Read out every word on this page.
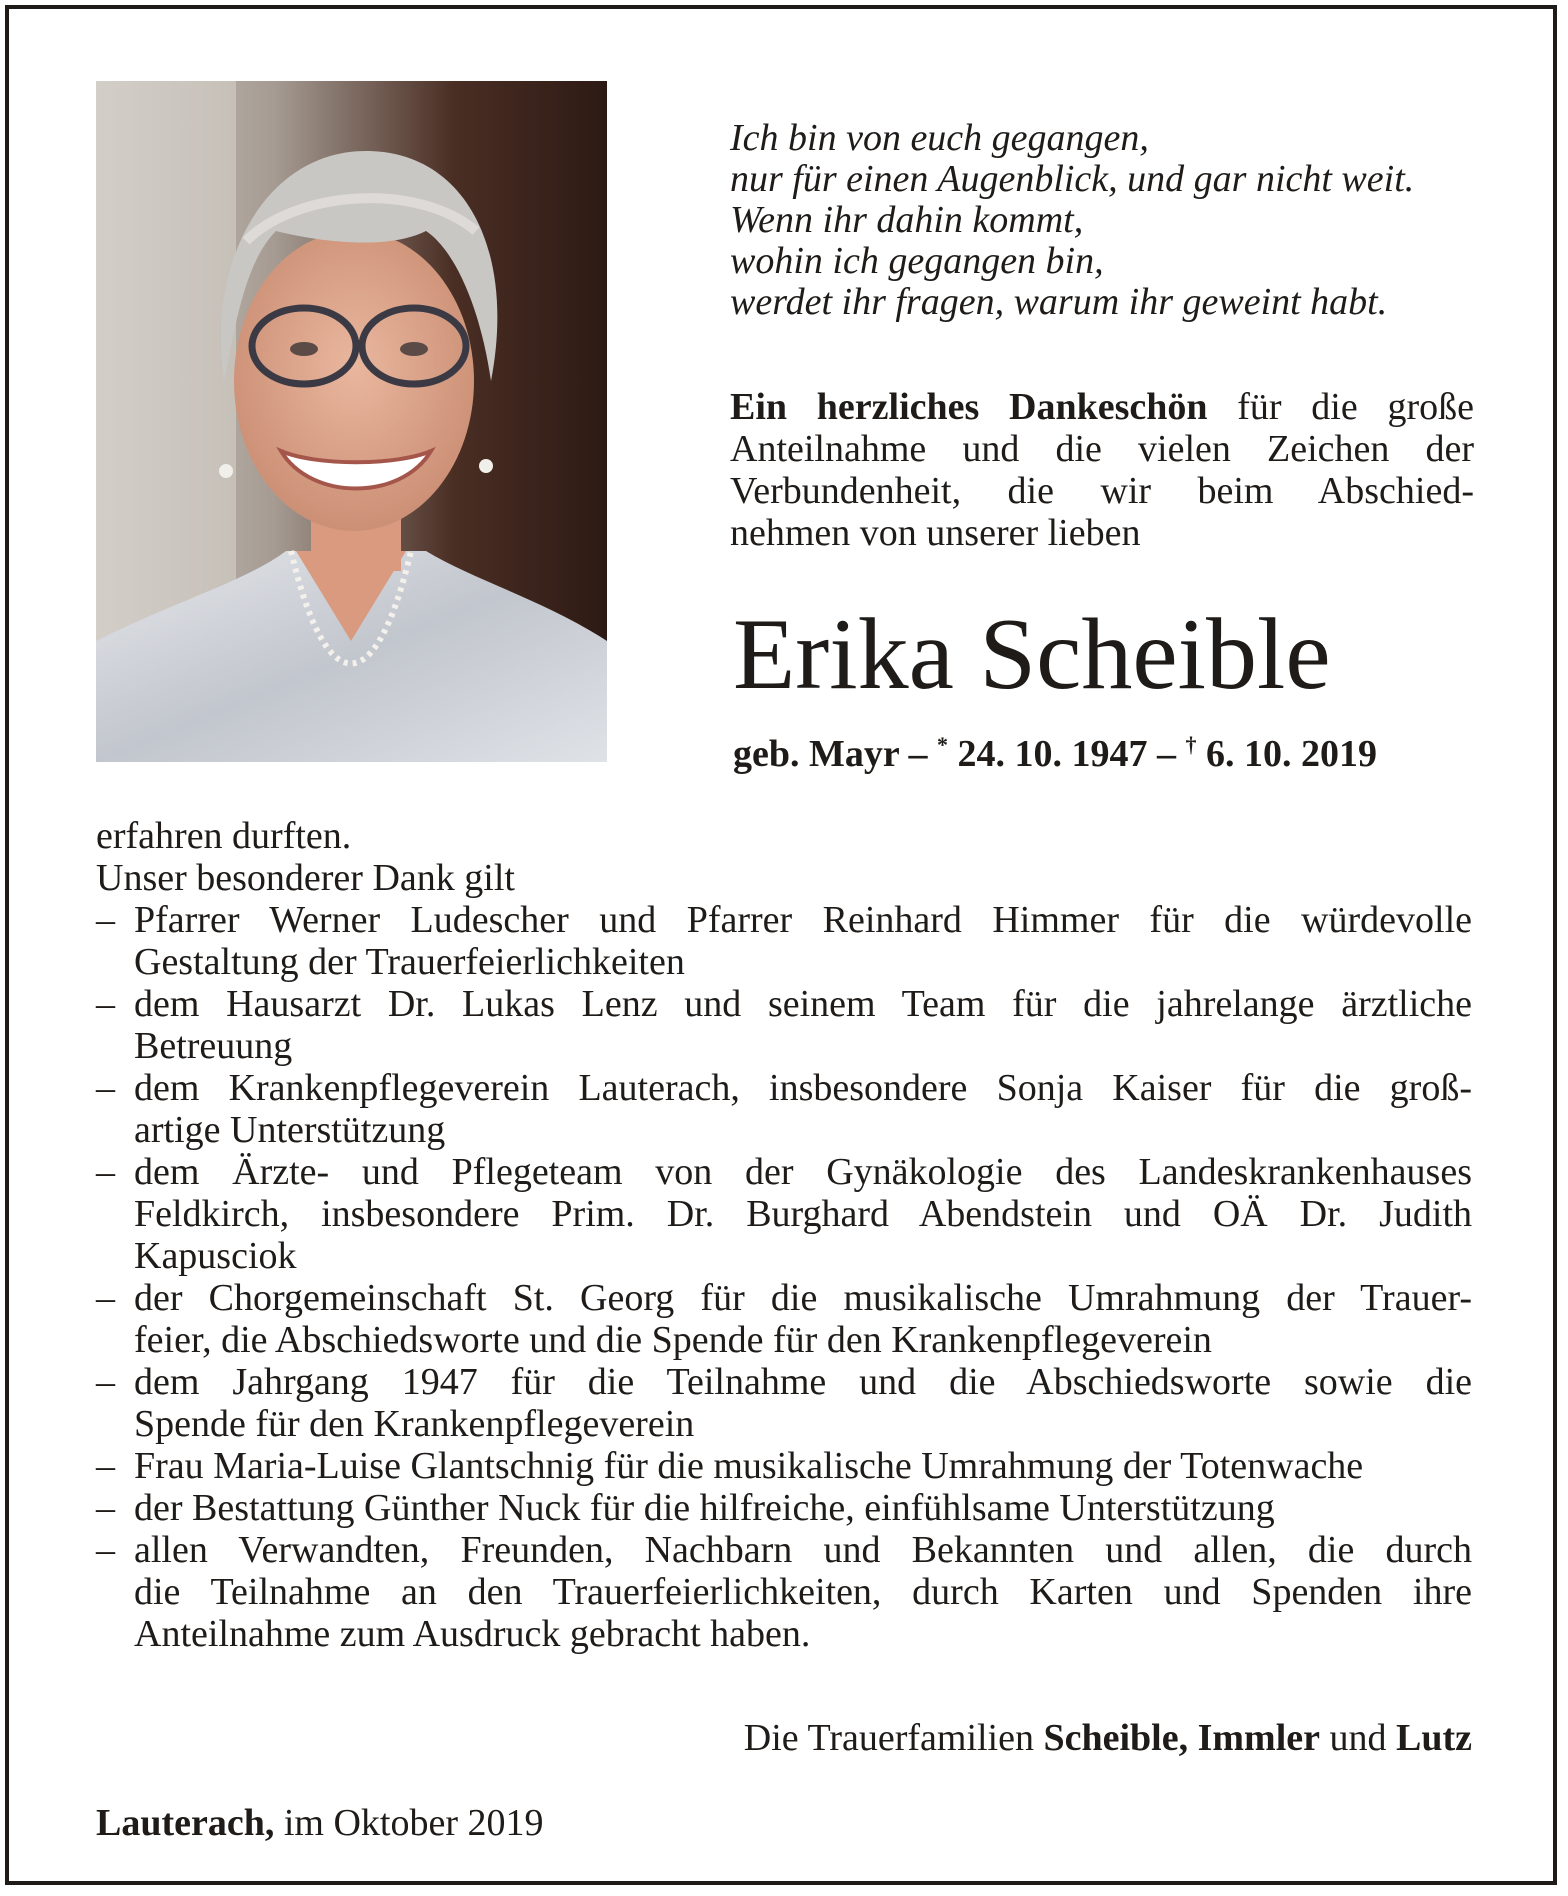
Ich bin von euch gegangen,
nur für einen Augenblick, und gar nicht weit.
Wenn ihr dahin kommt,
wohin ich gegangen bin,
werdet ihr fragen, warum ihr geweint habt.
Ein herzliches Dankeschön für die große
Anteilnahme und die vielen Zeichen der
Verbundenheit, die wir beim Abschied-
nehmen von unserer lieben
Erika Scheible
geb. Mayr – * 24. 10. 1947 – † 6. 10. 2019
erfahren durften.
Unser besonderer Dank gilt
– Pfarrer Werner Ludescher und Pfarrer Reinhard Himmer für die würdevolle
Gestaltung der Trauerfeierlichkeiten
– dem Hausarzt Dr. Lukas Lenz und seinem Team für die jahrelange ärztliche
Betreuung
– dem Krankenpflegeverein Lauterach, insbesondere Sonja Kaiser für die groß-
artige Unterstützung
– dem Ärzte- und Pflegeteam von der Gynäkologie des Landeskrankenhauses
Feldkirch, insbesondere Prim. Dr. Burghard Abendstein und OÄ Dr. Judith
Kapusciok
– der Chorgemeinschaft St. Georg für die musikalische Umrahmung der Trauer-
feier, die Abschiedsworte und die Spende für den Krankenpflegeverein
– dem Jahrgang 1947 für die Teilnahme und die Abschiedsworte sowie die
Spende für den Krankenpflegeverein
– Frau Maria-Luise Glantschnig für die musikalische Umrahmung der Totenwache
– der Bestattung Günther Nuck für die hilfreiche, einfühlsame Unterstützung
– allen Verwandten, Freunden, Nachbarn und Bekannten und allen, die durch
die Teilnahme an den Trauerfeierlichkeiten, durch Karten und Spenden ihre
Anteilnahme zum Ausdruck gebracht haben.
Die Trauerfamilien Scheible, Immler und Lutz
Lauterach, im Oktober 2019
